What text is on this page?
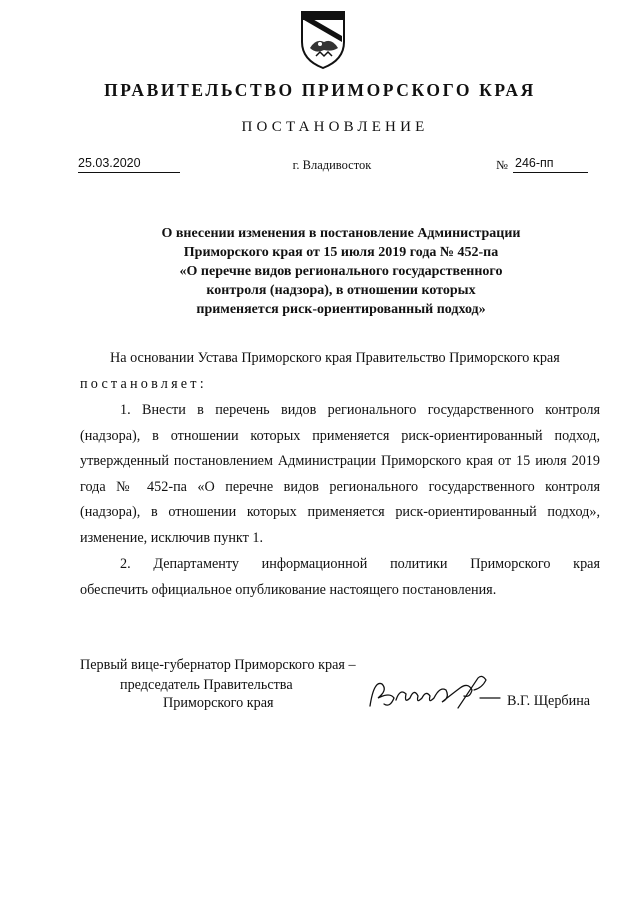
ПРАВИТЕЛЬСТВО ПРИМОРСКОГО КРАЯ
ПОСТАНОВЛЕНИЕ
25.03.2020	г. Владивосток	№ 246-пп
О внесении изменения в постановление Администрации
Приморского края от 15 июля 2019 года № 452-па
«О перечне видов регионального государственного
контроля (надзора), в отношении которых
применяется риск-ориентированный подход»
На основании Устава Приморского края Правительство Приморского края
постановляет:
1. Внести в перечень видов регионального государственного контроля (надзора), в отношении которых применяется риск-ориентированный подход, утвержденный постановлением Администрации Приморского края от 15 июля 2019 года № 452-па «О перечне видов регионального государственного контроля (надзора), в отношении которых применяется риск-ориентированный подход», изменение, исключив пункт 1.
2. Департаменту информационной политики Приморского края
обеспечить официальное опубликование настоящего постановления.
Первый вице-губернатор Приморского края –
председатель Правительства
Приморского края	В.Г. Щербина
